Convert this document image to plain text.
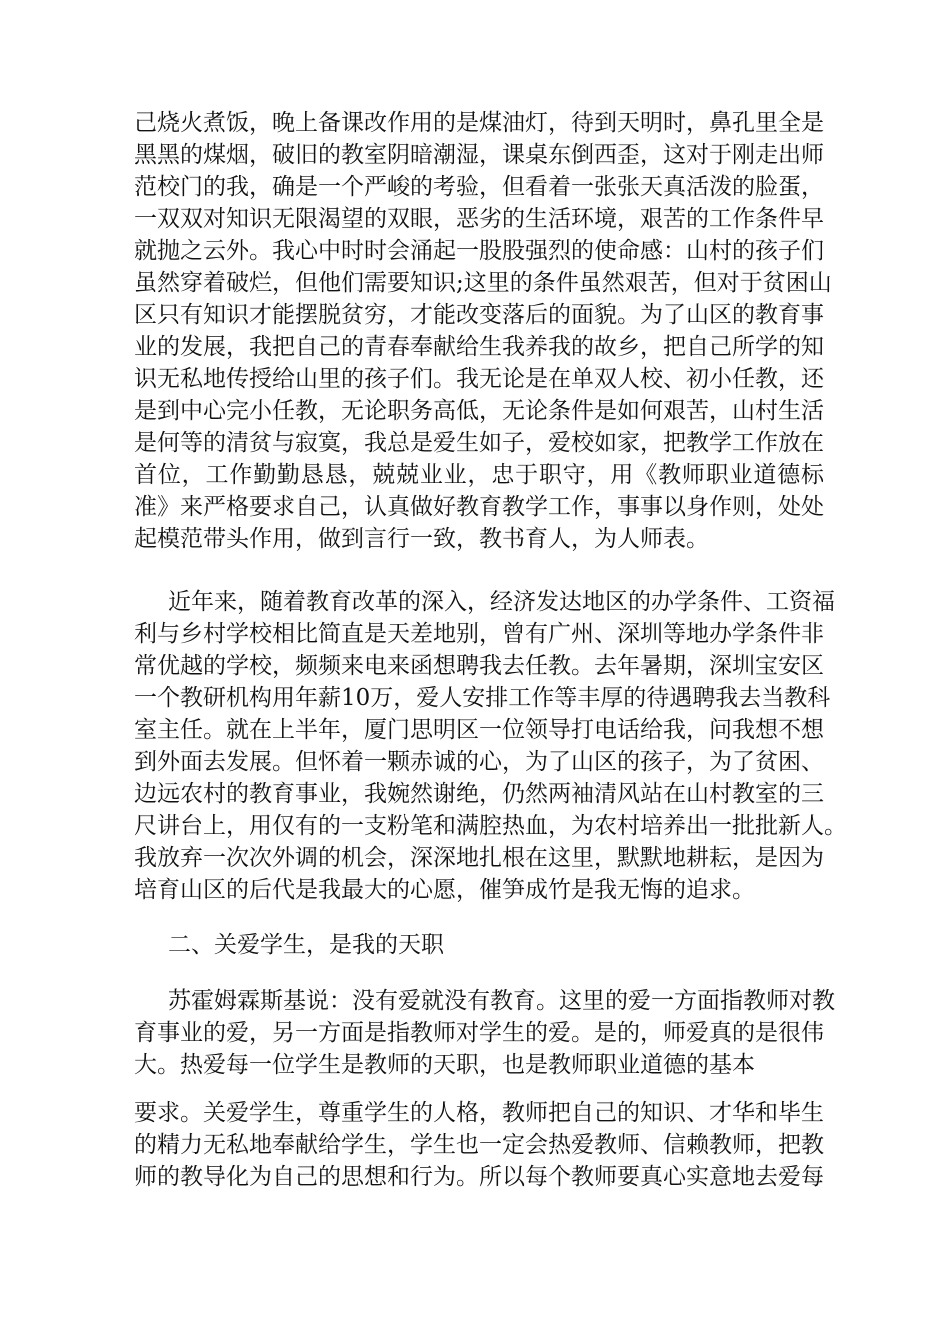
己烧火煮饭，晚上备课改作用的是煤油灯，待到天明时，鼻孔里全是
黑黑的煤烟，破旧的教室阴暗潮湿，课桌东倒西歪，这对于刚走出师
范校门的我，确是一个严峻的考验，但看着一张张天真活泼的脸蛋，
一双双对知识无限渴望的双眼，恶劣的生活环境，艰苦的工作条件早
就抛之云外。我心中时时会涌起一股股强烈的使命感：山村的孩子们
虽然穿着破烂，但他们需要知识;这里的条件虽然艰苦，但对于贫困山
区只有知识才能摆脱贫穷，才能改变落后的面貌。为了山区的教育事
业的发展，我把自己的青春奉献给生我养我的故乡，把自己所学的知
识无私地传授给山里的孩子们。我无论是在单双人校、初小任教，还
是到中心完小任教，无论职务高低，无论条件是如何艰苦，山村生活
是何等的清贫与寂寞，我总是爱生如子，爱校如家，把教学工作放在
首位，工作勤勤恳恳，兢兢业业，忠于职守，用《教师职业道德标
准》来严格要求自己，认真做好教育教学工作，事事以身作则，处处
起模范带头作用，做到言行一致，教书育人，为人师表。
近年来，随着教育改革的深入，经济发达地区的办学条件、工资福
利与乡村学校相比简直是天差地别，曾有广州、深圳等地办学条件非
常优越的学校，频频来电来函想聘我去任教。去年暑期，深圳宝安区
一个教研机构用年薪10万，爱人安排工作等丰厚的待遇聘我去当教科
室主任。就在上半年，厦门思明区一位领导打电话给我，问我想不想
到外面去发展。但怀着一颗赤诚的心，为了山区的孩子，为了贫困、
边远农村的教育事业，我婉然谢绝，仍然两袖清风站在山村教室的三
尺讲台上，用仅有的一支粉笔和满腔热血，为农村培养出一批批新人。
我放弃一次次外调的机会，深深地扎根在这里，默默地耕耘，是因为
培育山区的后代是我最大的心愿，催笋成竹是我无悔的追求。
二、关爱学生，是我的天职
苏霍姆霖斯基说：没有爱就没有教育。这里的爱一方面指教师对教
育事业的爱，另一方面是指教师对学生的爱。是的，师爱真的是很伟
大。热爱每一位学生是教师的天职，也是教师职业道德的基本
要求。关爱学生，尊重学生的人格，教师把自己的知识、才华和毕生
的精力无私地奉献给学生，学生也一定会热爱教师、信赖教师，把教
师的教导化为自己的思想和行为。所以每个教师要真心实意地去爱每
